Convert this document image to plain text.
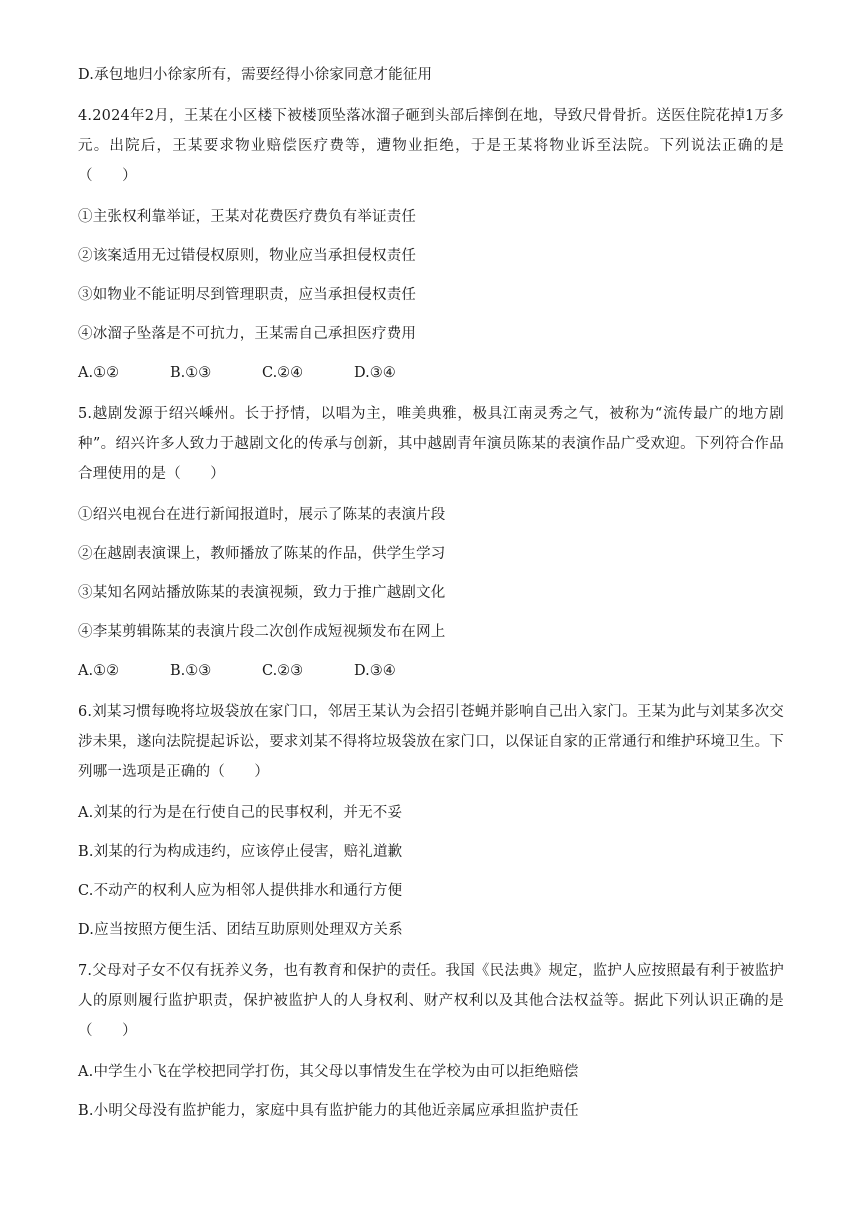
D.承包地归小徐家所有，需要经得小徐家同意才能征用
4.2024年2月，王某在小区楼下被楼顶坠落冰溜子砸到头部后摔倒在地，导致尺骨骨折。送医住院花掉1万多元。出院后，王某要求物业赔偿医疗费等，遭物业拒绝，于是王某将物业诉至法院。下列说法正确的是（　　）
①主张权利靠举证，王某对花费医疗费负有举证责任
②该案适用无过错侵权原则，物业应当承担侵权责任
③如物业不能证明尽到管理职责，应当承担侵权责任
④冰溜子坠落是不可抗力，王某需自己承担医疗费用
A.①②	B.①③	C.②④	D.③④
5.越剧发源于绍兴嵊州。长于抒情，以唱为主，唯美典雅，极具江南灵秀之气，被称为“流传最广的地方剧种”。绍兴许多人致力于越剧文化的传承与创新，其中越剧青年演员陈某的表演作品广受欢迎。下列符合作品合理使用的是（　　）
①绍兴电视台在进行新闻报道时，展示了陈某的表演片段
②在越剧表演课上，教师播放了陈某的作品，供学生学习
③某知名网站播放陈某的表演视频，致力于推广越剧文化
④李某剪辑陈某的表演片段二次创作成短视频发布在网上
A.①②	B.①③	C.②③	D.③④
6.刘某习惯每晚将垃圾袋放在家门口，邻居王某认为会招引苍蝇并影响自己出入家门。王某为此与刘某多次交涉未果，遂向法院提起诉讼，要求刘某不得将垃圾袋放在家门口，以保证自家的正常通行和维护环境卫生。下列哪一选项是正确的（　　）
A.刘某的行为是在行使自己的民事权利，并无不妥
B.刘某的行为构成违约，应该停止侵害，赔礼道歉
C.不动产的权利人应为相邻人提供排水和通行方便
D.应当按照方便生活、团结互助原则处理双方关系
7.父母对子女不仅有抚养义务，也有教育和保护的责任。我国《民法典》规定，监护人应按照最有利于被监护人的原则履行监护职责，保护被监护人的人身权利、财产权利以及其他合法权益等。据此下列认识正确的是（　　）
A.中学生小飞在学校把同学打伤，其父母以事情发生在学校为由可以拒绝赔偿
B.小明父母没有监护能力，家庭中具有监护能力的其他近亲属应承担监护责任
